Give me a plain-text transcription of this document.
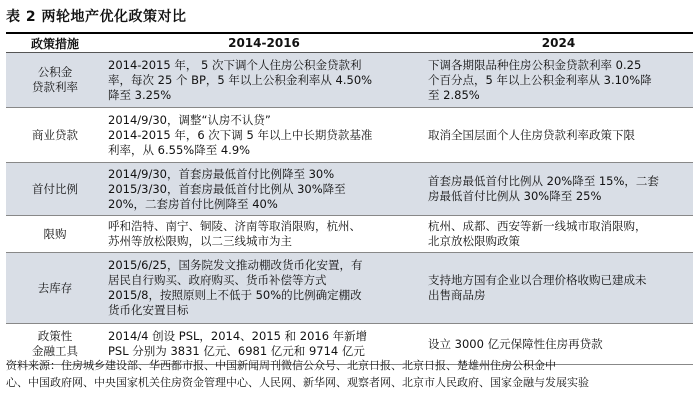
表 2 两轮地产优化政策对比
政策措施	2014-2016	2024

公积金
贷款利率	2014-2015 年， 5 次下调个人住房公积金贷款利
率，每次 25 个 BP，5 年以上公积金利率从 4.50%
降至 3.25%	下调各期限品种住房公积金贷款利率 0.25
个百分点，5 年以上公积金利率从 3.10%降
至 2.85%

商业贷款	2014/9/30，调整“认房不认贷”
2014-2015 年，6 次下调 5 年以上中长期贷款基准
利率，从 6.55%降至 4.9%	取消全国层面个人住房贷款利率政策下限

首付比例	2014/9/30，首套房最低首付比例降至 30%
2015/3/30，首套房最低首付比例从 30%降至
20%，二套房首付比例降至 40%	首套房最低首付比例从 20%降至 15%，二套
房最低首付比例从 30%降至 25%

限购	呼和浩特、南宁、铜陵、济南等取消限购，杭州、
苏州等放松限购，以二三线城市为主	杭州、成都、西安等新一线城市取消限购，
北京放松限购政策

去库存	2015/6/25，国务院发文推动棚改货币化安置，有
居民自行购买、政府购买、货币补偿等方式
2015/8，按照原则上不低于 50%的比例确定棚改
货币化安置目标	支持地方国有企业以合理价格收购已建成未
出售商品房

政策性
金融工具	2014/4 创设 PSL，2014、2015 和 2016 年新增
PSL 分别为 3831 亿元、6981 亿元和 9714 亿元	设立 3000 亿元保障性住房再贷款
资料来源：住房城乡建设部、华西都市报、中国新闻周刊微信公众号、北京日报、北京日报、楚雄州住房公积金中
心、中国政府网、中央国家机关住房资金管理中心、人民网、新华网、观察者网、北京市人民政府、国家金融与发展实验
